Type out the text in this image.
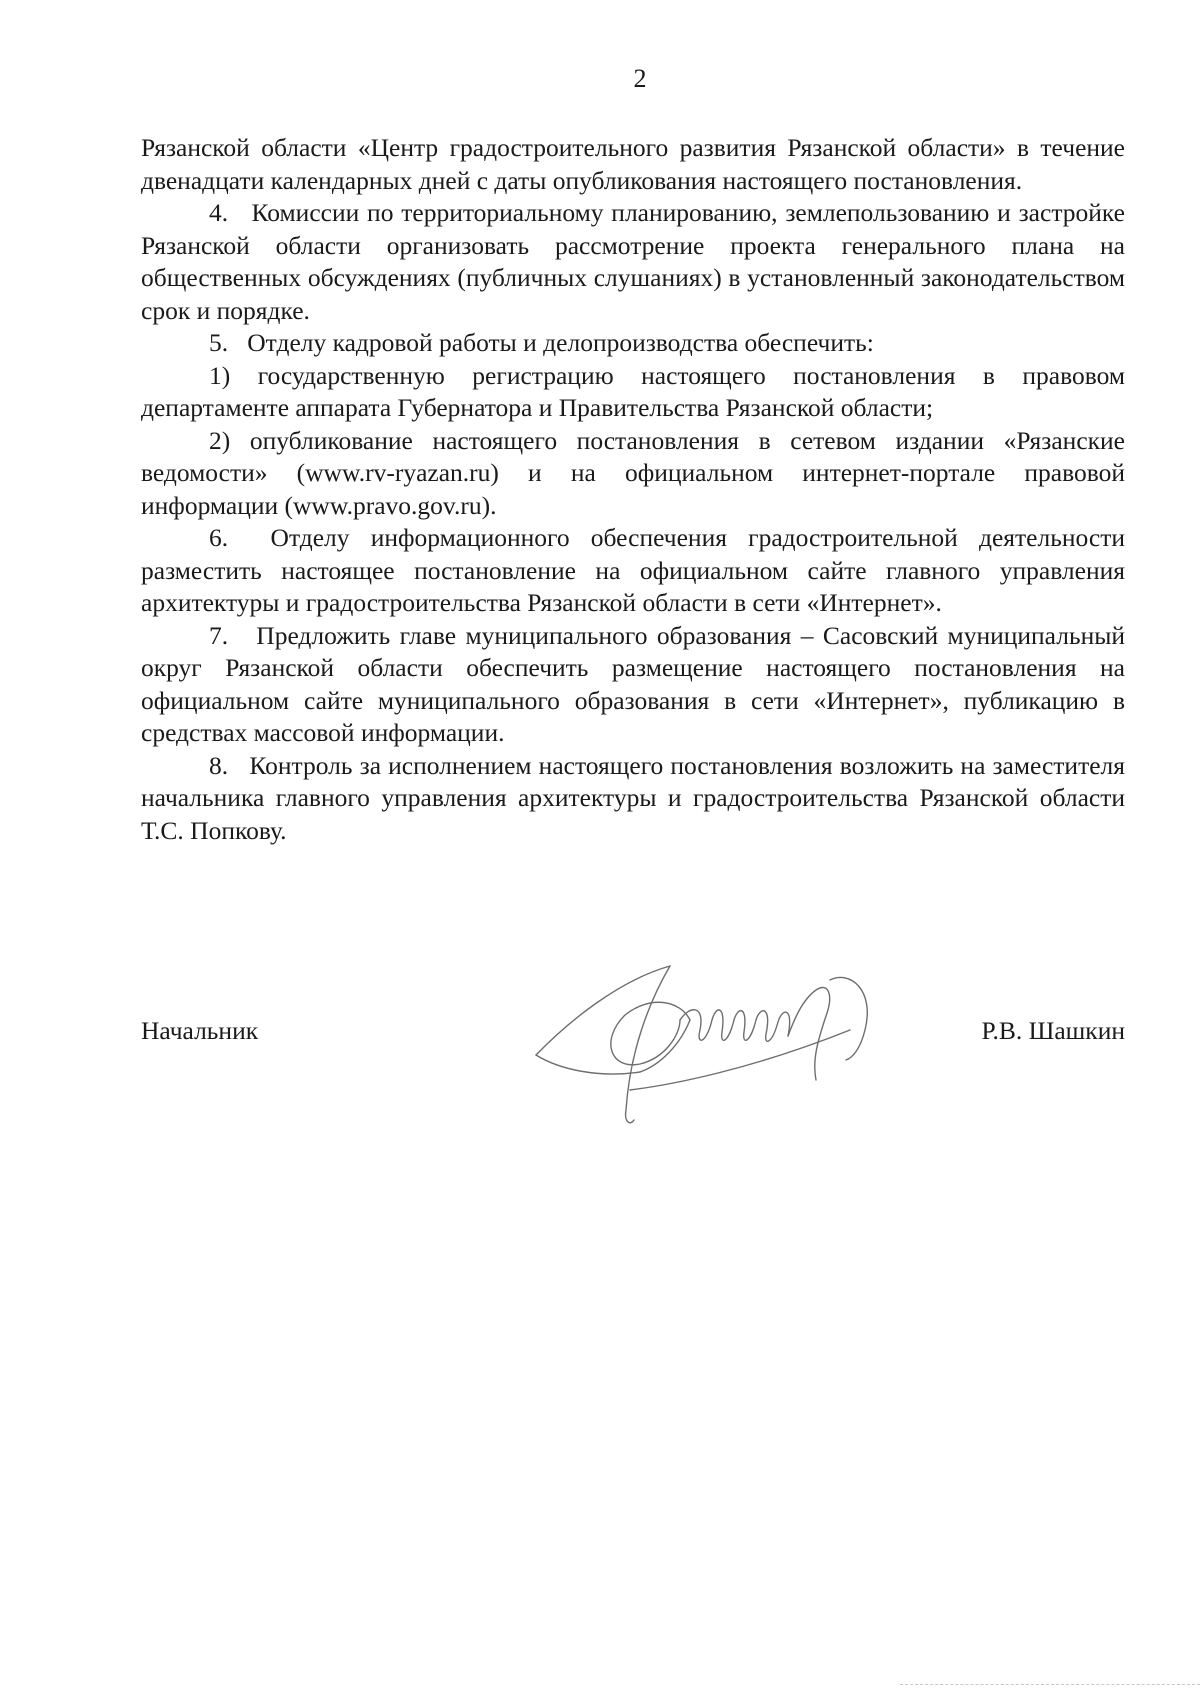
2

Рязанской области «Центр градостроительного развития Рязанской области» в течение двенадцати календарных дней с даты опубликования настоящего постановления.

4.   Комиссии по территориальному планированию, землепользованию и застройке Рязанской области организовать рассмотрение проекта генерального плана на общественных обсуждениях (публичных слушаниях) в установленный законодательством срок и порядке.

5.   Отделу кадровой работы и делопроизводства обеспечить:

1) государственную регистрацию настоящего постановления в правовом департаменте аппарата Губернатора и Правительства Рязанской области;

2) опубликование настоящего постановления в сетевом издании «Рязанские ведомости» (www.rv-ryazan.ru) и на официальном интернет-портале правовой информации (www.pravo.gov.ru).

6.  Отделу информационного обеспечения градостроительной деятельности разместить настоящее постановление на официальном сайте главного управления архитектуры и градостроительства Рязанской области в сети «Интернет».

7.   Предложить главе муниципального образования – Сасовский муниципальный округ Рязанской области обеспечить размещение настоящего постановления на официальном сайте муниципального образования в сети «Интернет», публикацию в средствах массовой информации.

8.   Контроль за исполнением настоящего постановления возложить на заместителя начальника главного управления архитектуры и градостроительства Рязанской области Т.С. Попкову.

Начальник	Р.В. Шашкин
